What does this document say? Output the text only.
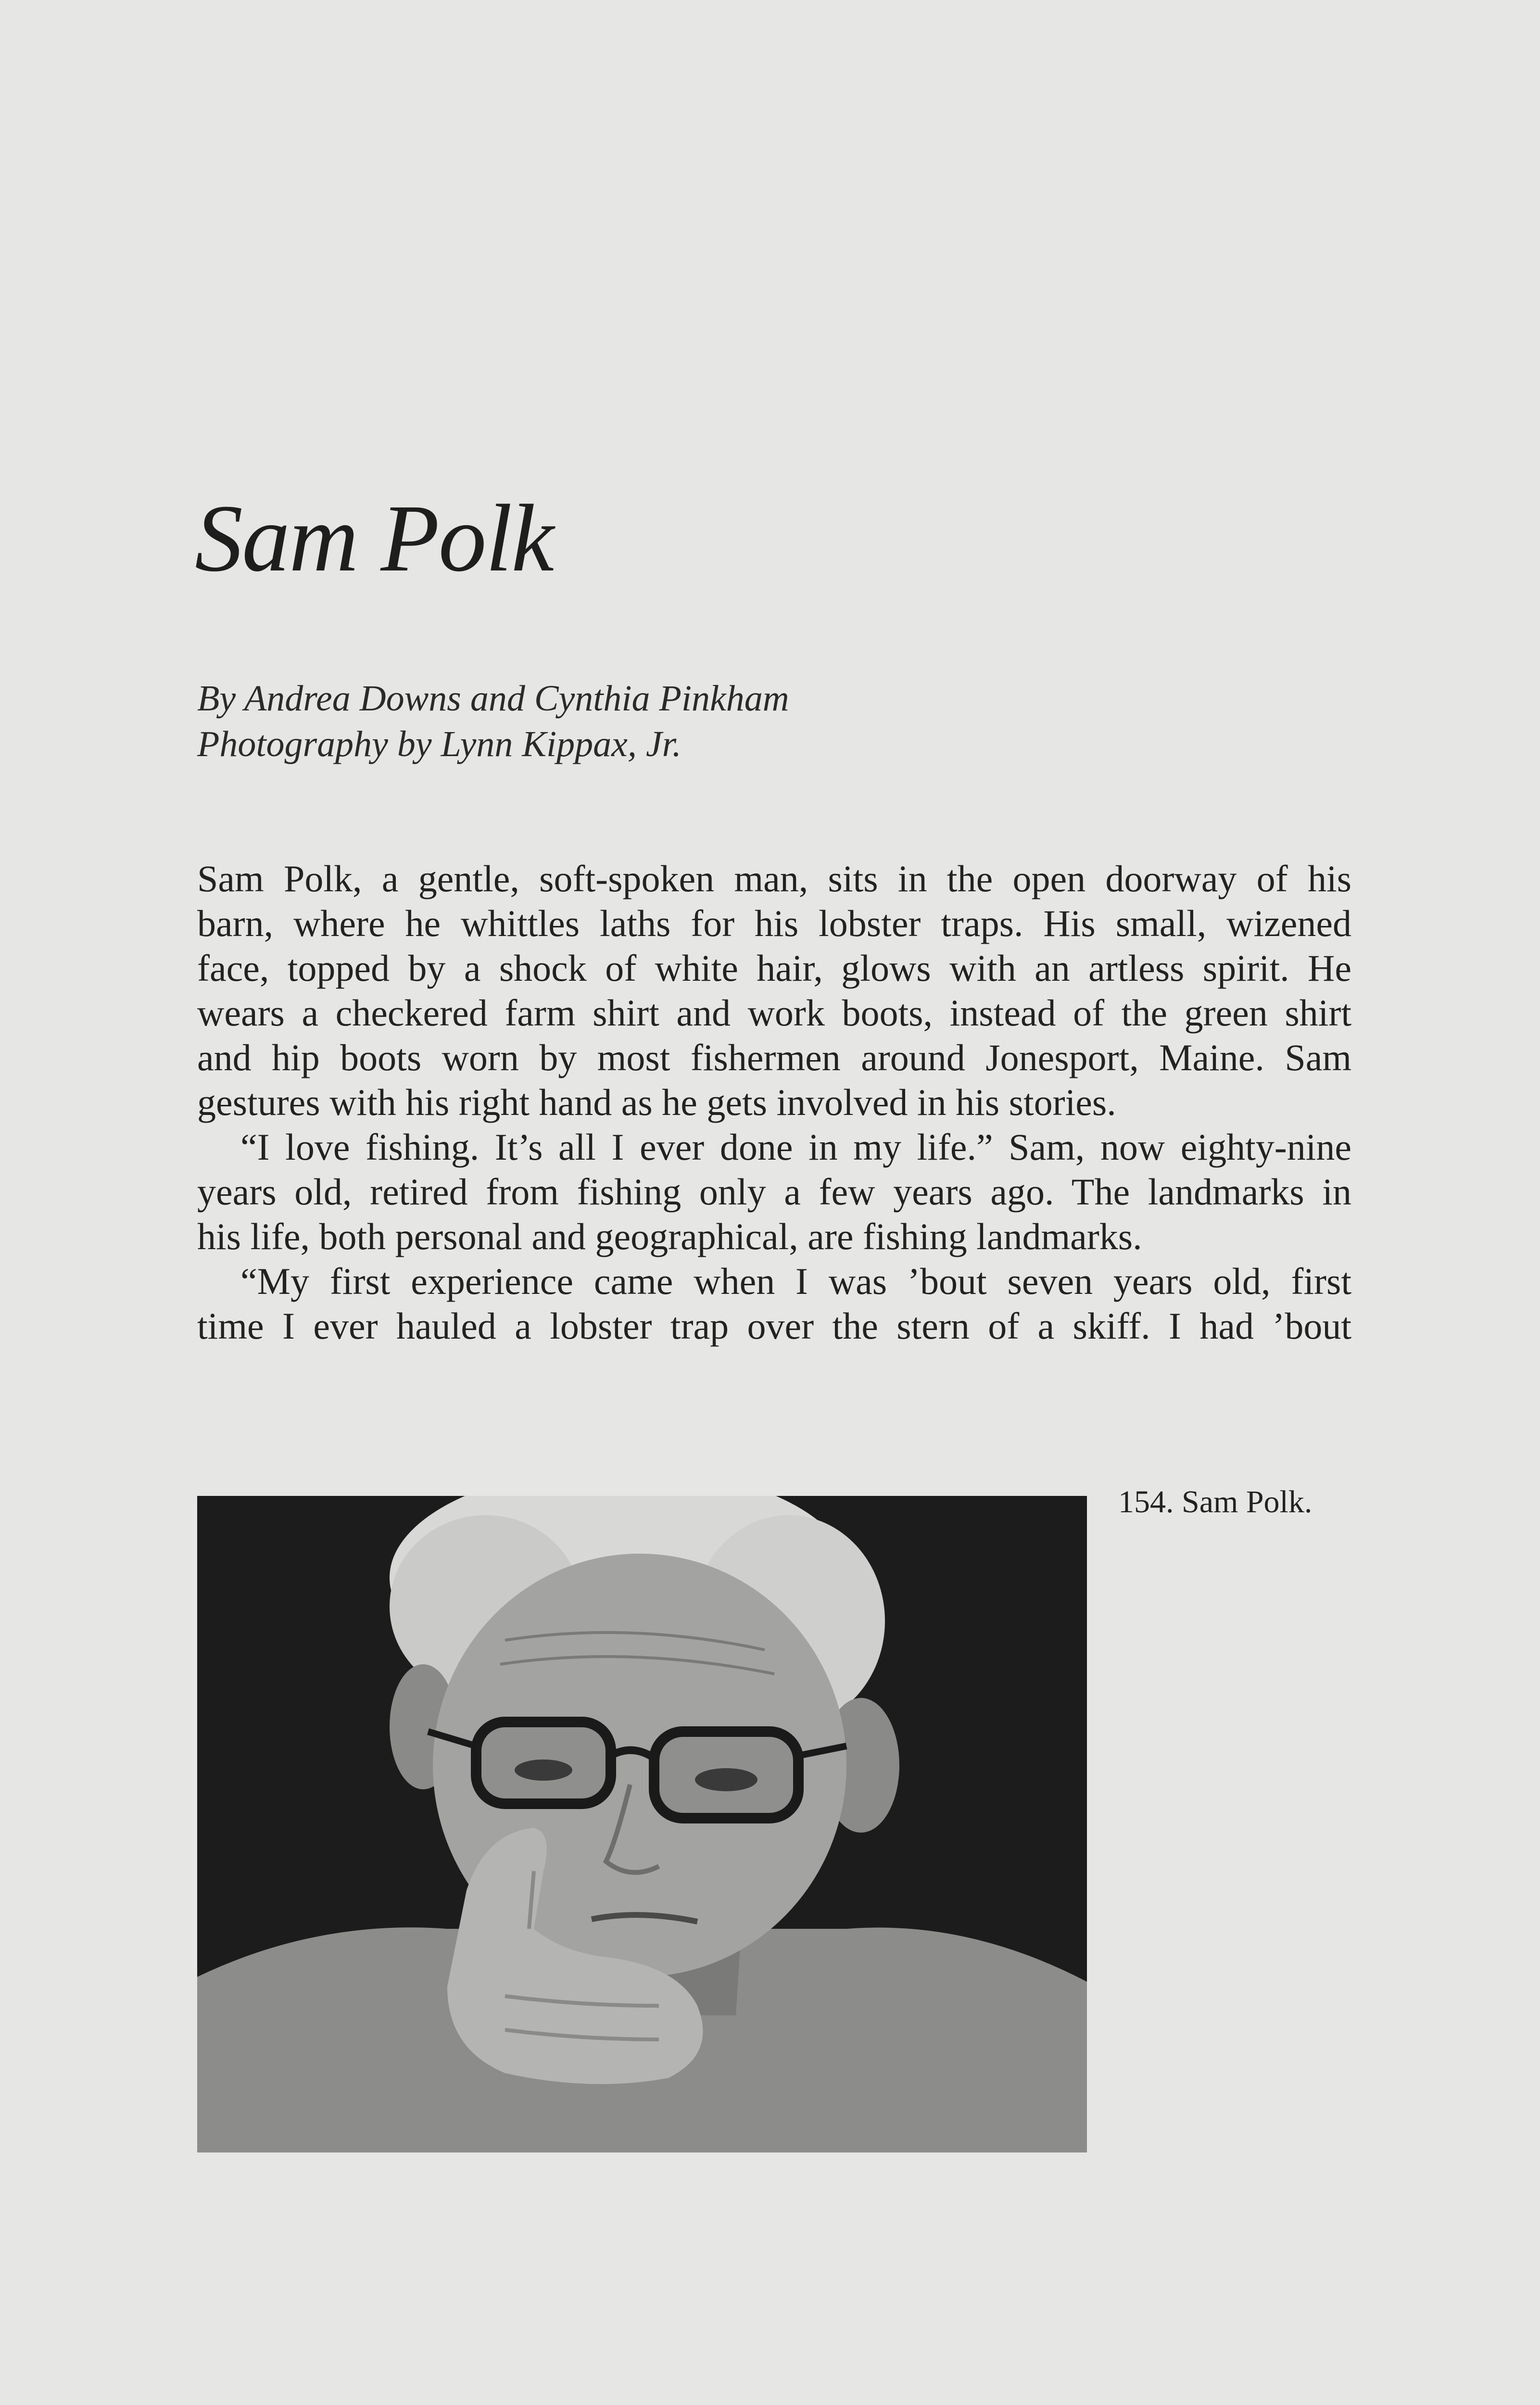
Sam Polk
By Andrea Downs and Cynthia Pinkham
Photography by Lynn Kippax, Jr.

Sam Polk, a gentle, soft-spoken man, sits in the open doorway of his

barn, where he whittles laths for his lobster traps. His small, wizened

face, topped by a shock of white hair, glows with an artless spirit. He

wears a checkered farm shirt and work boots, instead of the green shirt

and hip boots worn by most fishermen around Jonesport, Maine. Sam

gestures with his right hand as he gets involved in his stories.

“I love fishing. It’s all I ever done in my life.” Sam, now eighty-nine

years old, retired from fishing only a few years ago. The landmarks in

his life, both personal and geographical, are fishing landmarks.

“My first experience came when I was ’bout seven years old, first

time I ever hauled a lobster trap over the stern of a skiff. I had ’bout

154. Sam Polk.
